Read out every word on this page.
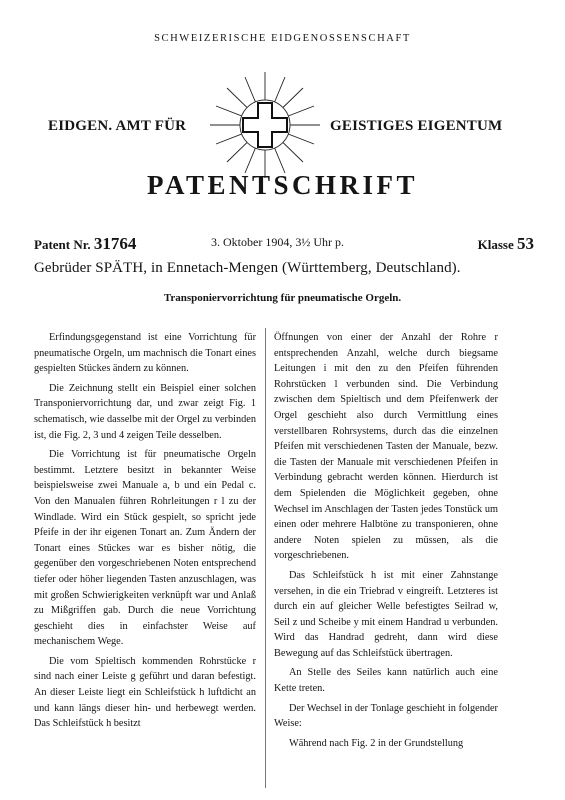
SCHWEIZERISCHE EIDGENOSSENSCHAFT
EIDGEN. AMT FÜR	GEISTIGES EIGENTUM
PATENTSCHRIFT
Patent Nr. 31764	3. Oktober 1904, 3½ Uhr p.	Klasse 53
Gebrüder SPÄTH, in Ennetach-Mengen (Württemberg, Deutschland).
Transponiervorrichtung für pneumatische Orgeln.

Erfindungsgegenstand ist eine Vorrichtung für pneumatische Orgeln, um machnisch die Tonart eines gespielten Stückes ändern zu können.

Die Zeichnung stellt ein Beispiel einer solchen Transponiervorrichtung dar, und zwar zeigt Fig. 1 schematisch, wie dasselbe mit der Orgel zu verbinden ist, die Fig. 2, 3 und 4 zeigen Teile desselben.

Die Vorrichtung ist für pneumatische Orgeln bestimmt. Letztere besitzt in bekannter Weise beispielsweise zwei Manuale a, b und ein Pedal c. Von den Manualen führen Rohrleitungen r l zu der Windlade. Wird ein Stück gespielt, so spricht jede Pfeife in der ihr eigenen Tonart an. Zum Ändern der Tonart eines Stückes war es bisher nötig, die gegenüber den vorgeschriebenen Noten entsprechend tiefer oder höher liegenden Tasten anzuschlagen, was mit großen Schwierigkeiten verknüpft war und Anlaß zu Mißgriffen gab. Durch die neue Vorrichtung geschieht dies in einfachster Weise auf mechanischem Wege.

Die vom Spieltisch kommenden Rohrstücke r sind nach einer Leiste g geführt und daran befestigt. An dieser Leiste liegt ein Schleifstück h luftdicht an und kann längs dieser hin- und herbewegt werden. Das Schleifstück h besitzt

Öffnungen von einer der Anzahl der Rohre r entsprechenden Anzahl, welche durch biegsame Leitungen i mit den zu den Pfeifen führenden Rohrstücken l verbunden sind. Die Verbindung zwischen dem Spieltisch und dem Pfeifenwerk der Orgel geschieht also durch Vermittlung eines verstellbaren Rohrsystems, durch das die einzelnen Pfeifen mit verschiedenen Tasten der Manuale, bezw. die Tasten der Manuale mit verschiedenen Pfeifen in Verbindung gebracht werden können. Hierdurch ist dem Spielenden die Möglichkeit gegeben, ohne Wechsel im Anschlagen der Tasten jedes Tonstück um einen oder mehrere Halbtöne zu transponieren, ohne andere Noten spielen zu müssen, als die vorgeschriebenen.

Das Schleifstück h ist mit einer Zahnstange versehen, in die ein Triebrad v eingreift. Letzteres ist durch ein auf gleicher Welle befestigtes Seilrad w, Seil z und Scheibe y mit einem Handrad u verbunden. Wird das Handrad gedreht, dann wird diese Bewegung auf das Schleifstück übertragen.

An Stelle des Seiles kann natürlich auch eine Kette treten.

Der Wechsel in der Tonlage geschieht in folgender Weise:

Während nach Fig. 2 in der Grundstellung
